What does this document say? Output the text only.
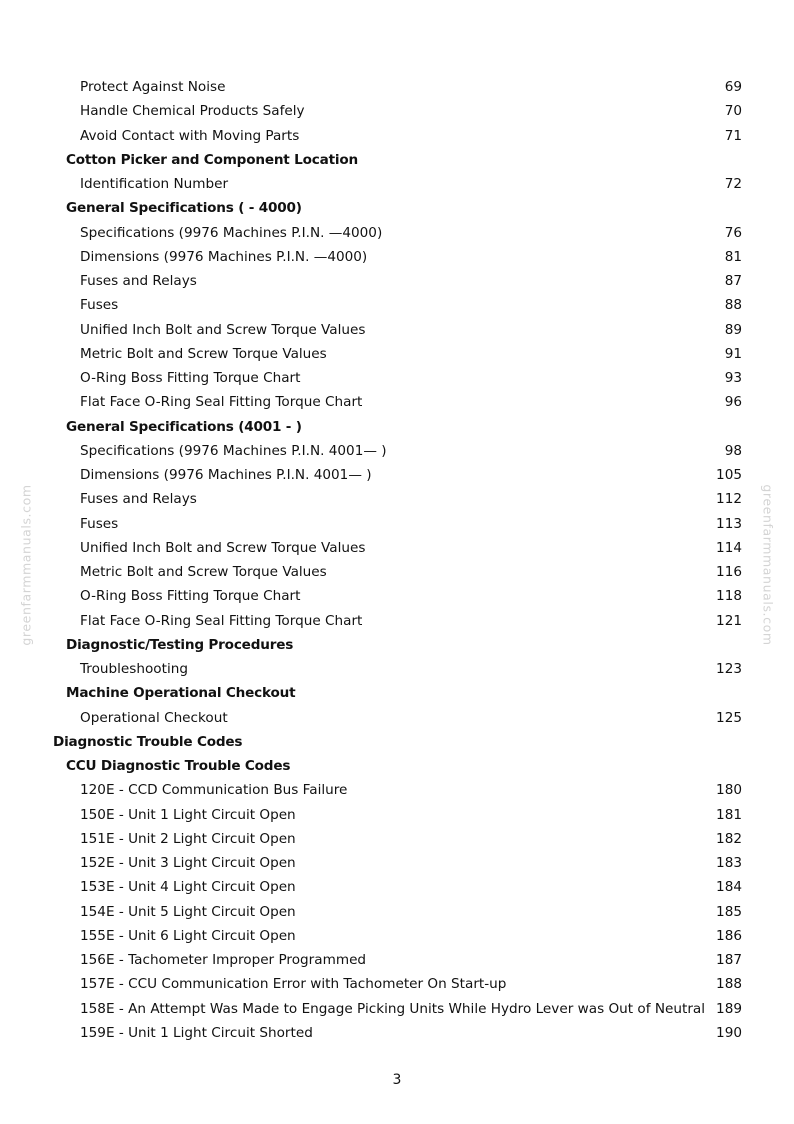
greenfarmmanuals.com	greenfarmmanuals.com
Protect Against Noise	69
Handle Chemical Products Safely	70
Avoid Contact with Moving Parts	71
Cotton Picker and Component Location
Identification Number	72
General Specifications ( - 4000)
Specifications (9976 Machines P.I.N. —4000)	76
Dimensions (9976 Machines P.I.N. —4000)	81
Fuses and Relays	87
Fuses	88
Unified Inch Bolt and Screw Torque Values	89
Metric Bolt and Screw Torque Values	91
O-Ring Boss Fitting Torque Chart	93
Flat Face O-Ring Seal Fitting Torque Chart	96
General Specifications (4001 - )
Specifications (9976 Machines P.I.N. 4001— )	98
Dimensions (9976 Machines P.I.N. 4001— )	105
Fuses and Relays	112
Fuses	113
Unified Inch Bolt and Screw Torque Values	114
Metric Bolt and Screw Torque Values	116
O-Ring Boss Fitting Torque Chart	118
Flat Face O-Ring Seal Fitting Torque Chart	121
Diagnostic/Testing Procedures
Troubleshooting	123
Machine Operational Checkout
Operational Checkout	125
Diagnostic Trouble Codes
CCU Diagnostic Trouble Codes
120E - CCD Communication Bus Failure	180
150E - Unit 1 Light Circuit Open	181
151E - Unit 2 Light Circuit Open	182
152E - Unit 3 Light Circuit Open	183
153E - Unit 4 Light Circuit Open	184
154E - Unit 5 Light Circuit Open	185
155E - Unit 6 Light Circuit Open	186
156E - Tachometer Improper Programmed	187
157E - CCU Communication Error with Tachometer On Start-up	188
158E - An Attempt Was Made to Engage Picking Units While Hydro Lever was Out of Neutral 189
159E - Unit 1 Light Circuit Shorted	190
3
